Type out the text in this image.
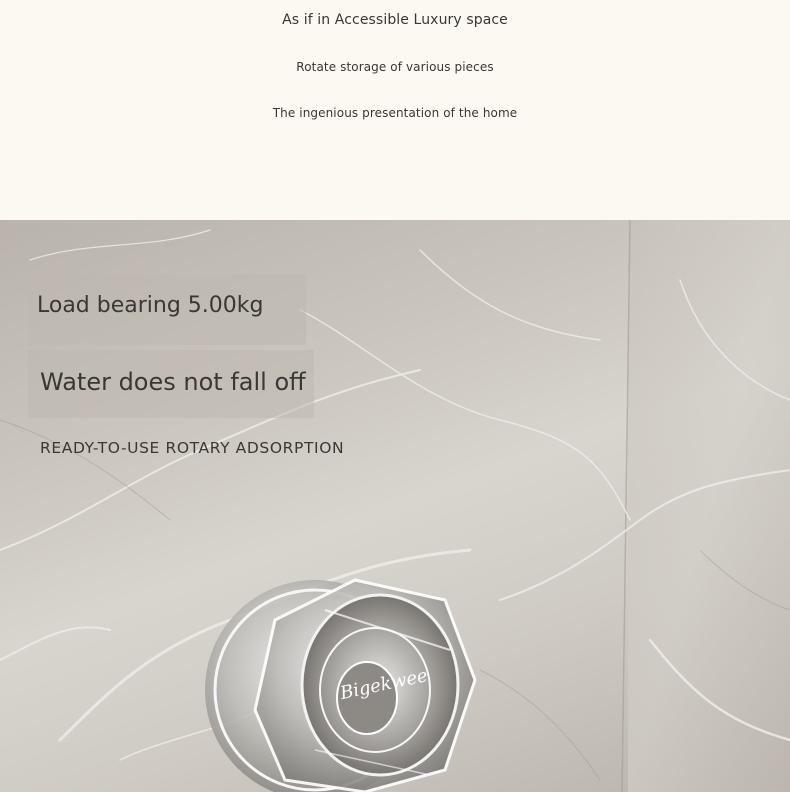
As if in Accessible Luxury space
Rotate storage of various pieces
The ingenious presentation of the home
Load bearing 5.00kg
Water does not fall off
READY-TO-USE ROTARY ADSORPTION
Bigekwee
